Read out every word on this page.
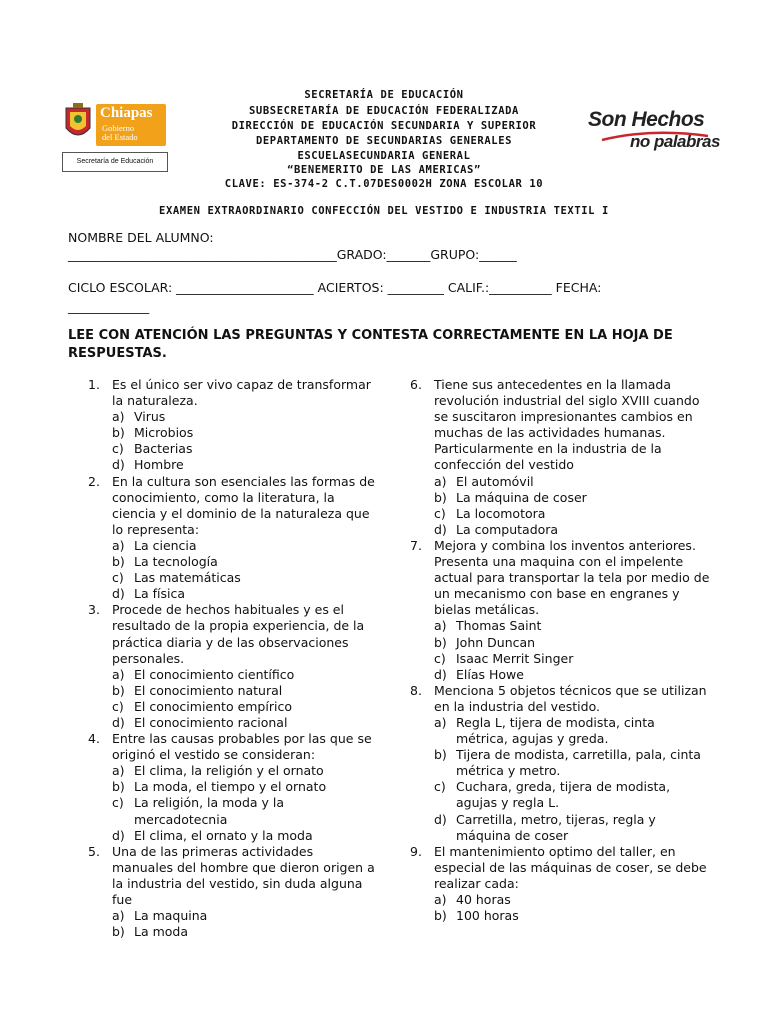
SECRETARÍA DE EDUCACIÓN
SUBSECRETARÍA DE EDUCACIÓN FEDERALIZADA
DIRECCIÓN DE EDUCACIÓN SECUNDARIA Y SUPERIOR
DEPARTAMENTO DE SECUNDARIAS GENERALES
ESCUELASECUNDARIA GENERAL
“BENEMERITO DE LAS AMERICAS”
CLAVE: ES-374-2 C.T.07DES0002H ZONA ESCOLAR 10
EXAMEN EXTRAORDINARIO CONFECCIÓN DEL VESTIDO E INDUSTRIA TEXTIL I
Chiapas
Gobierno del Estado
Secretaría de Educación
Son Hechos
no palabras
NOMBRE DEL ALUMNO:
___________________________________________GRADO:_______GRUPO:______
CICLO ESCOLAR: ______________________ ACIERTOS: _________ CALIF.:__________ FECHA:
_____________
LEE CON ATENCIÓN LAS PREGUNTAS Y CONTESTA CORRECTAMENTE EN LA HOJA DE RESPUESTAS.
1. Es el único ser vivo capaz de transformar la naturaleza.
a) Virus
b) Microbios
c) Bacterias
d) Hombre
2. En la cultura son esenciales las formas de conocimiento, como la literatura, la ciencia y el dominio de la naturaleza que lo representa:
a) La ciencia
b) La tecnología
c) Las matemáticas
d) La física
3. Procede de hechos habituales y es el resultado de la propia experiencia, de la práctica diaria y de las observaciones personales.
a) El conocimiento científico
b) El conocimiento natural
c) El conocimiento empírico
d) El conocimiento racional
4. Entre las causas probables por las que se originó el vestido se consideran:
a) El clima, la religión y el ornato
b) La moda, el tiempo y el ornato
c) La religión, la moda y la mercadotecnia
d) El clima, el ornato y la moda
5. Una de las primeras actividades manuales del hombre que dieron origen a la industria del vestido, sin duda alguna fue
a) La maquina
b) La moda
6. Tiene sus antecedentes en la llamada revolución industrial del siglo XVIII cuando se suscitaron impresionantes cambios en muchas de las actividades humanas. Particularmente en la industria de la confección del vestido
a) El automóvil
b) La máquina de coser
c) La locomotora
d) La computadora
7. Mejora y combina los inventos anteriores. Presenta una maquina con el impelente actual para transportar la tela por medio de un mecanismo con base en engranes y bielas metálicas.
a) Thomas Saint
b) John Duncan
c) Isaac Merrit Singer
d) Elías Howe
8. Menciona 5 objetos técnicos que se utilizan en la industria del vestido.
a) Regla L, tijera de modista, cinta métrica, agujas y greda.
b) Tijera de modista, carretilla, pala, cinta métrica y metro.
c) Cuchara, greda, tijera de modista, agujas y regla L.
d) Carretilla, metro, tijeras, regla y máquina de coser
9. El mantenimiento optimo del taller, en especial de las máquinas de coser, se debe realizar cada:
a) 40 horas
b) 100 horas
